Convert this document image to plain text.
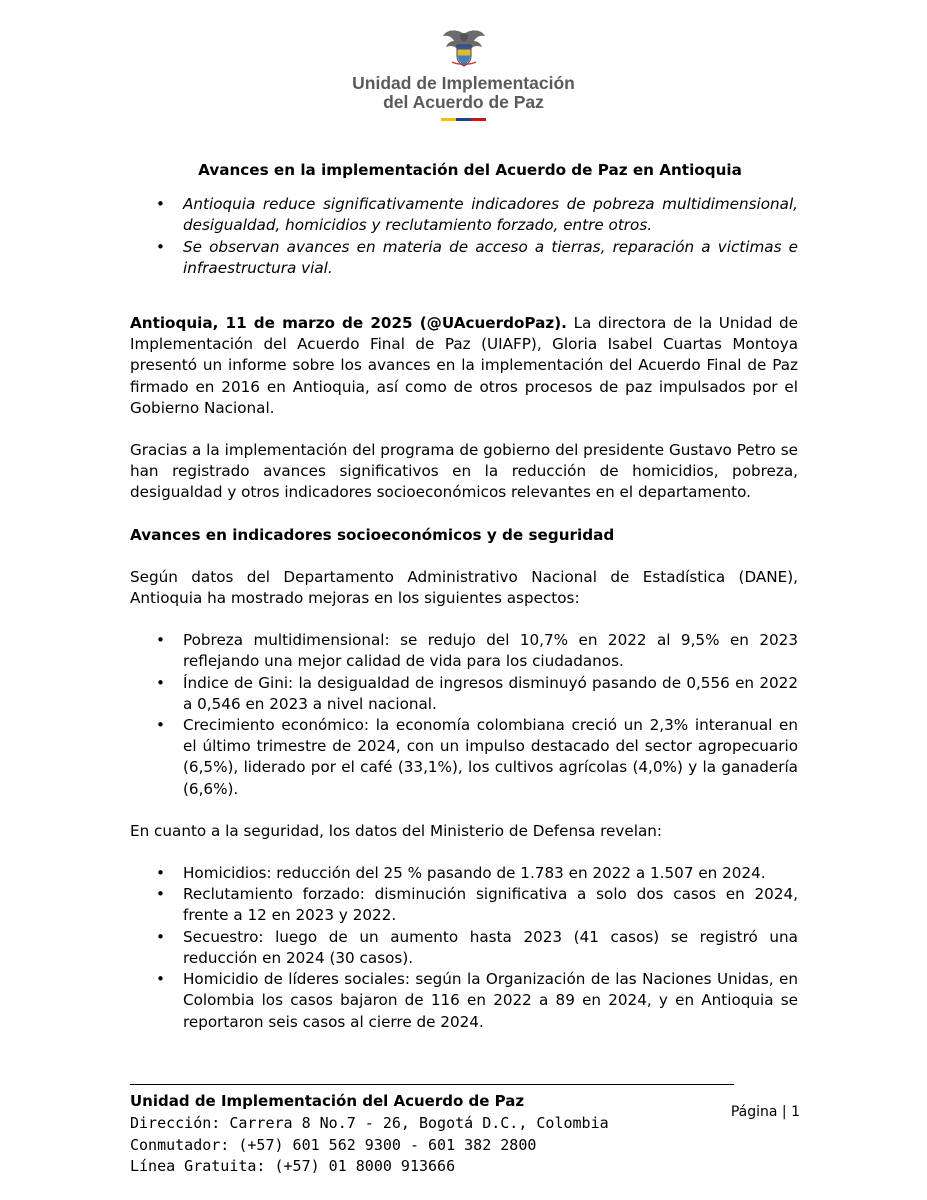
Unidad de Implementación
del Acuerdo de Paz

Avances en la implementación del Acuerdo de Paz en Antioquia

• Antioquia reduce significativamente indicadores de pobreza multidimensional, desigualdad, homicidios y reclutamiento forzado, entre otros.
• Se observan avances en materia de acceso a tierras, reparación a victimas e infraestructura vial.

Antioquia, 11 de marzo de 2025 (@UAcuerdoPaz). La directora de la Unidad de Implementación del Acuerdo Final de Paz (UIAFP), Gloria Isabel Cuartas Montoya presentó un informe sobre los avances en la implementación del Acuerdo Final de Paz firmado en 2016 en Antioquia, así como de otros procesos de paz impulsados por el Gobierno Nacional.

Gracias a la implementación del programa de gobierno del presidente Gustavo Petro se han registrado avances significativos en la reducción de homicidios, pobreza, desigualdad y otros indicadores socioeconómicos relevantes en el departamento.

Avances en indicadores socioeconómicos y de seguridad

Según datos del Departamento Administrativo Nacional de Estadística (DANE), Antioquia ha mostrado mejoras en los siguientes aspectos:

• Pobreza multidimensional: se redujo del 10,7% en 2022 al 9,5% en 2023 reflejando una mejor calidad de vida para los ciudadanos.
• Índice de Gini: la desigualdad de ingresos disminuyó pasando de 0,556 en 2022 a 0,546 en 2023 a nivel nacional.
• Crecimiento económico: la economía colombiana creció un 2,3% interanual en el último trimestre de 2024, con un impulso destacado del sector agropecuario (6,5%), liderado por el café (33,1%), los cultivos agrícolas (4,0%) y la ganadería (6,6%).

En cuanto a la seguridad, los datos del Ministerio de Defensa revelan:

• Homicidios: reducción del 25 % pasando de 1.783 en 2022 a 1.507 en 2024.
• Reclutamiento forzado: disminución significativa a solo dos casos en 2024, frente a 12 en 2023 y 2022.
• Secuestro: luego de un aumento hasta 2023 (41 casos) se registró una reducción en 2024 (30 casos).
• Homicidio de líderes sociales: según la Organización de las Naciones Unidas, en Colombia los casos bajaron de 116 en 2022 a 89 en 2024, y en Antioquia se reportaron seis casos al cierre de 2024.
Unidad de Implementación del Acuerdo de Paz
Dirección: Carrera 8 No.7 - 26, Bogotá D.C., Colombia
Conmutador: (+57) 601 562 9300 - 601 382 2800
Línea Gratuita: (+57) 01 8000 913666
Página | 1
